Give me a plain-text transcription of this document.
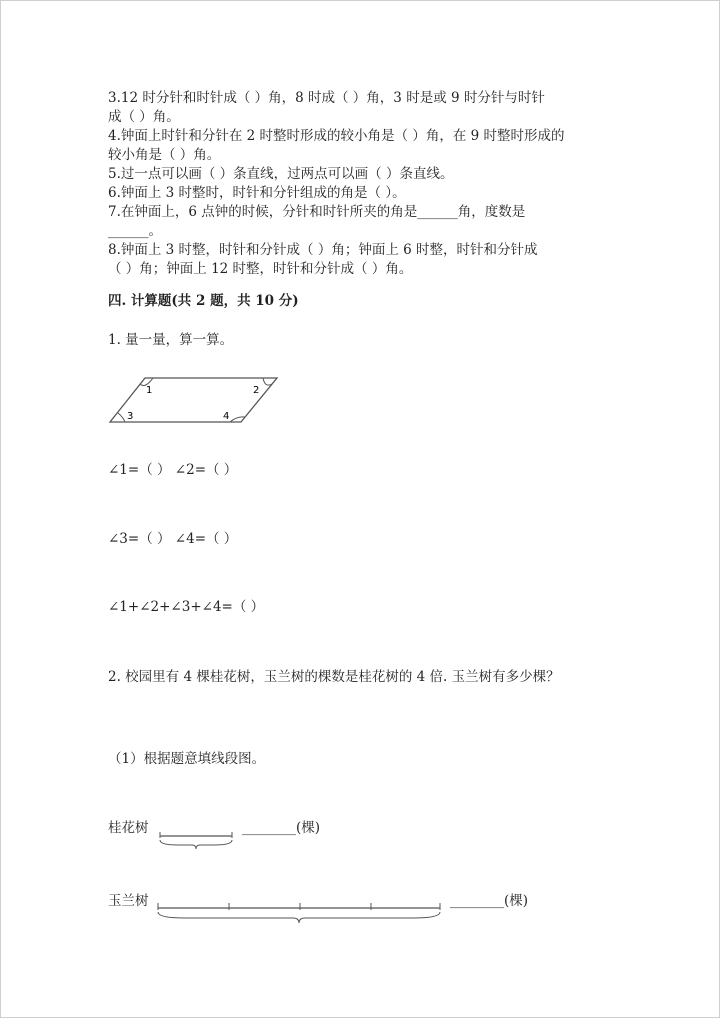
3.12 时分针和时针成（ ）角，8 时成（ ）角，3 时是或 9 时分针与时针
成（ ）角。
4.钟面上时针和分针在 2 时整时形成的较小角是（ ）角，在 9 时整时形成的
较小角是（ ）角。
5.过一点可以画（ ）条直线，过两点可以画（ ）条直线。
6.钟面上 3 时整时，时针和分针组成的角是（ ）。
7.在钟面上，6 点钟的时候，分针和时针所夹的角是______角，度数是
______。
8.钟面上 3 时整，时针和分针成（ ）角；钟面上 6 时整，时针和分针成
（ ）角；钟面上 12 时整，时针和分针成（ ）角。
四. 计算题(共 2 题，共 10 分)
1. 量一量，算一算。
1	2
3	4
∠1=（ ） ∠2=（ ）
∠3=（ ） ∠4=（ ）
∠1+∠2+∠3+∠4=（ ）
2. 校园里有 4 棵桂花树，玉兰树的棵数是桂花树的 4 倍. 玉兰树有多少棵？
（1）根据题意填线段图。
桂花树	________(棵)
玉兰树	________(棵)
